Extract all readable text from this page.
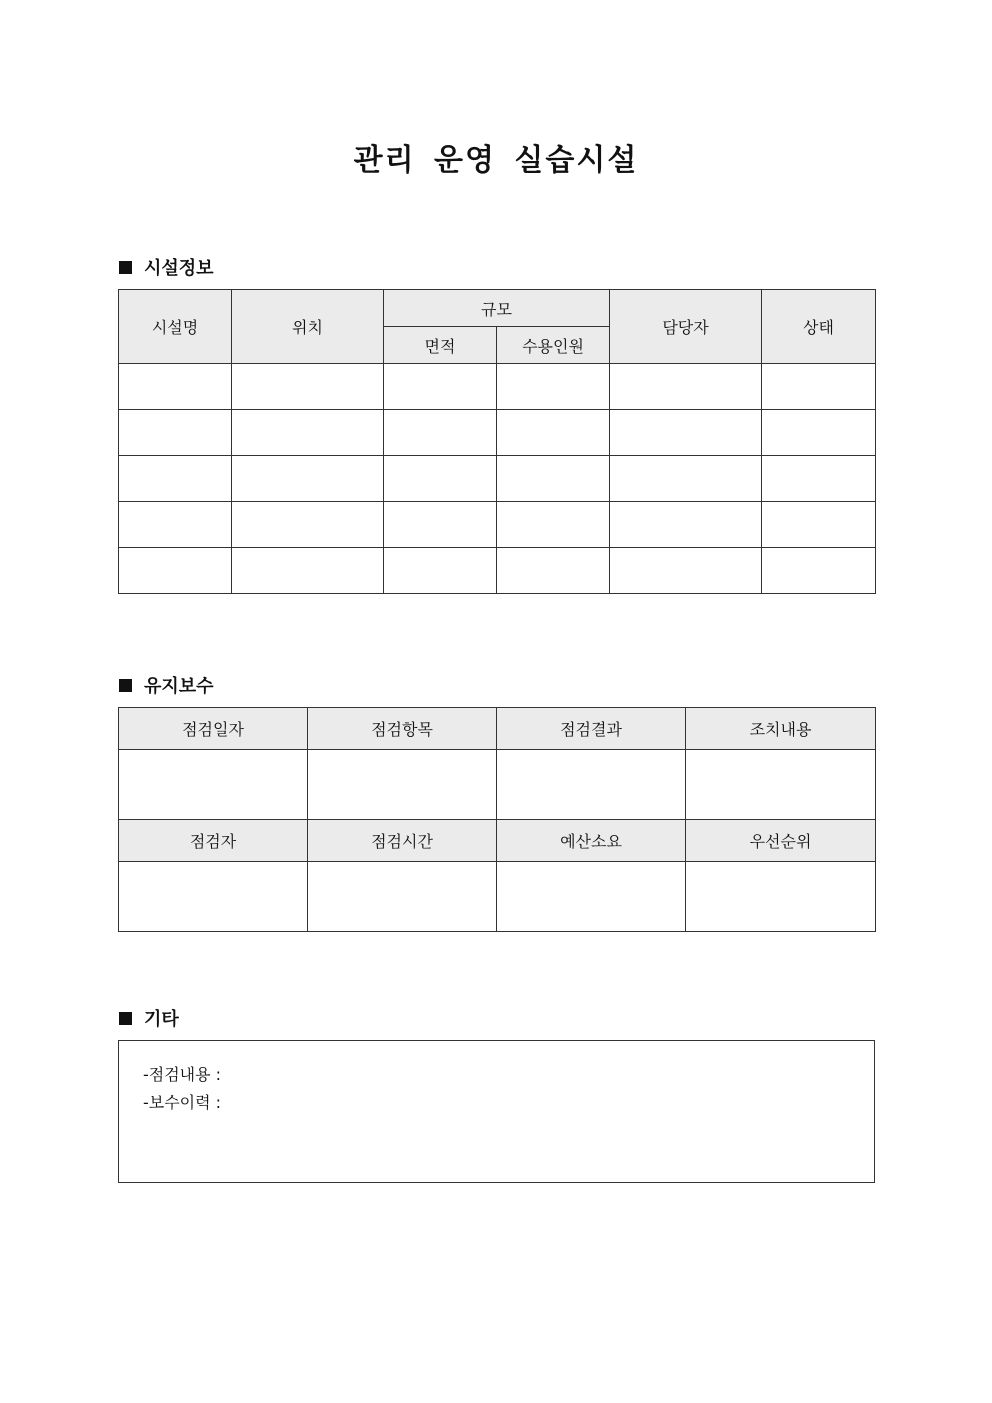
관리 운영 실습시설
시설정보
시설명	위치	규모		담당자	상태
		면적	수용인원		

유지보수
점검일자	점검항목	점검결과	조치내용

점검자	점검시간	예산소요	우선순위

기타
-점검내용 :
-보수이력 :
